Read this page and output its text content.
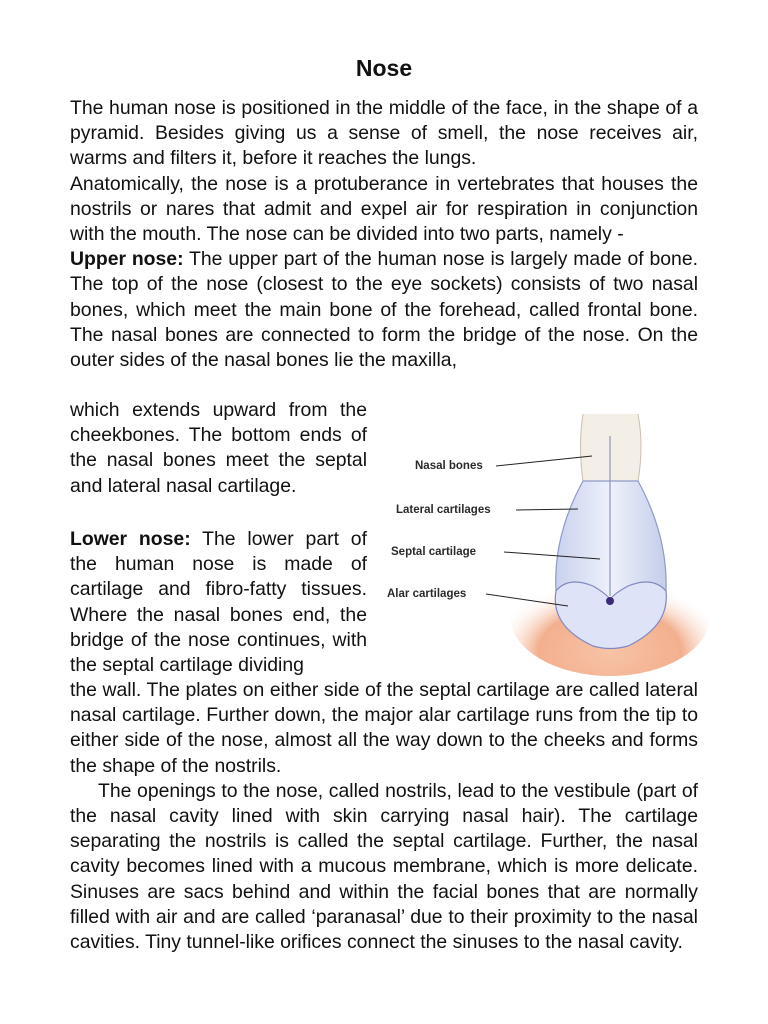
Nose

The human nose is positioned in the middle of the face, in the shape of a pyramid. Besides giving us a sense of smell, the nose receives air, warms and filters it, before it reaches the lungs.

Anatomically, the nose is a protuberance in vertebrates that houses the nostrils or nares that admit and expel air for respiration in conjunction with the mouth. The nose can be divided into two parts, namely -

Upper nose: The upper part of the human nose is largely made of bone. The top of the nose (closest to the eye sockets) consists of two nasal bones, which meet the main bone of the forehead, called frontal bone. The nasal bones are connected to form the bridge of the nose. On the outer sides of the nasal bones lie the maxilla,

which extends upward from the cheekbones. The bottom ends of the nasal bones meet the septal and lateral nasal cartilage.

Lower nose: The lower part of the human nose is made of cartilage and fibro-fatty tissues. Where the nasal bones end, the bridge of the nose continues, with the septal cartilage dividing

the wall. The plates on either side of the septal cartilage are called lateral nasal cartilage. Further down, the major alar cartilage runs from the tip to either side of the nose, almost all the way down to the cheeks and forms the shape of the nostrils.

The openings to the nose, called nostrils, lead to the vestibule (part of the nasal cavity lined with skin carrying nasal hair). The cartilage separating the nostrils is called the septal cartilage. Further, the nasal cavity becomes lined with a mucous membrane, which is more delicate. Sinuses are sacs behind and within the facial bones that are normally filled with air and are called ‘paranasal’ due to their proximity to the nasal cavities. Tiny tunnel-like orifices connect the sinuses to the nasal cavity.

Nasal bones
Lateral cartilages
Septal cartilage
Alar cartilages
